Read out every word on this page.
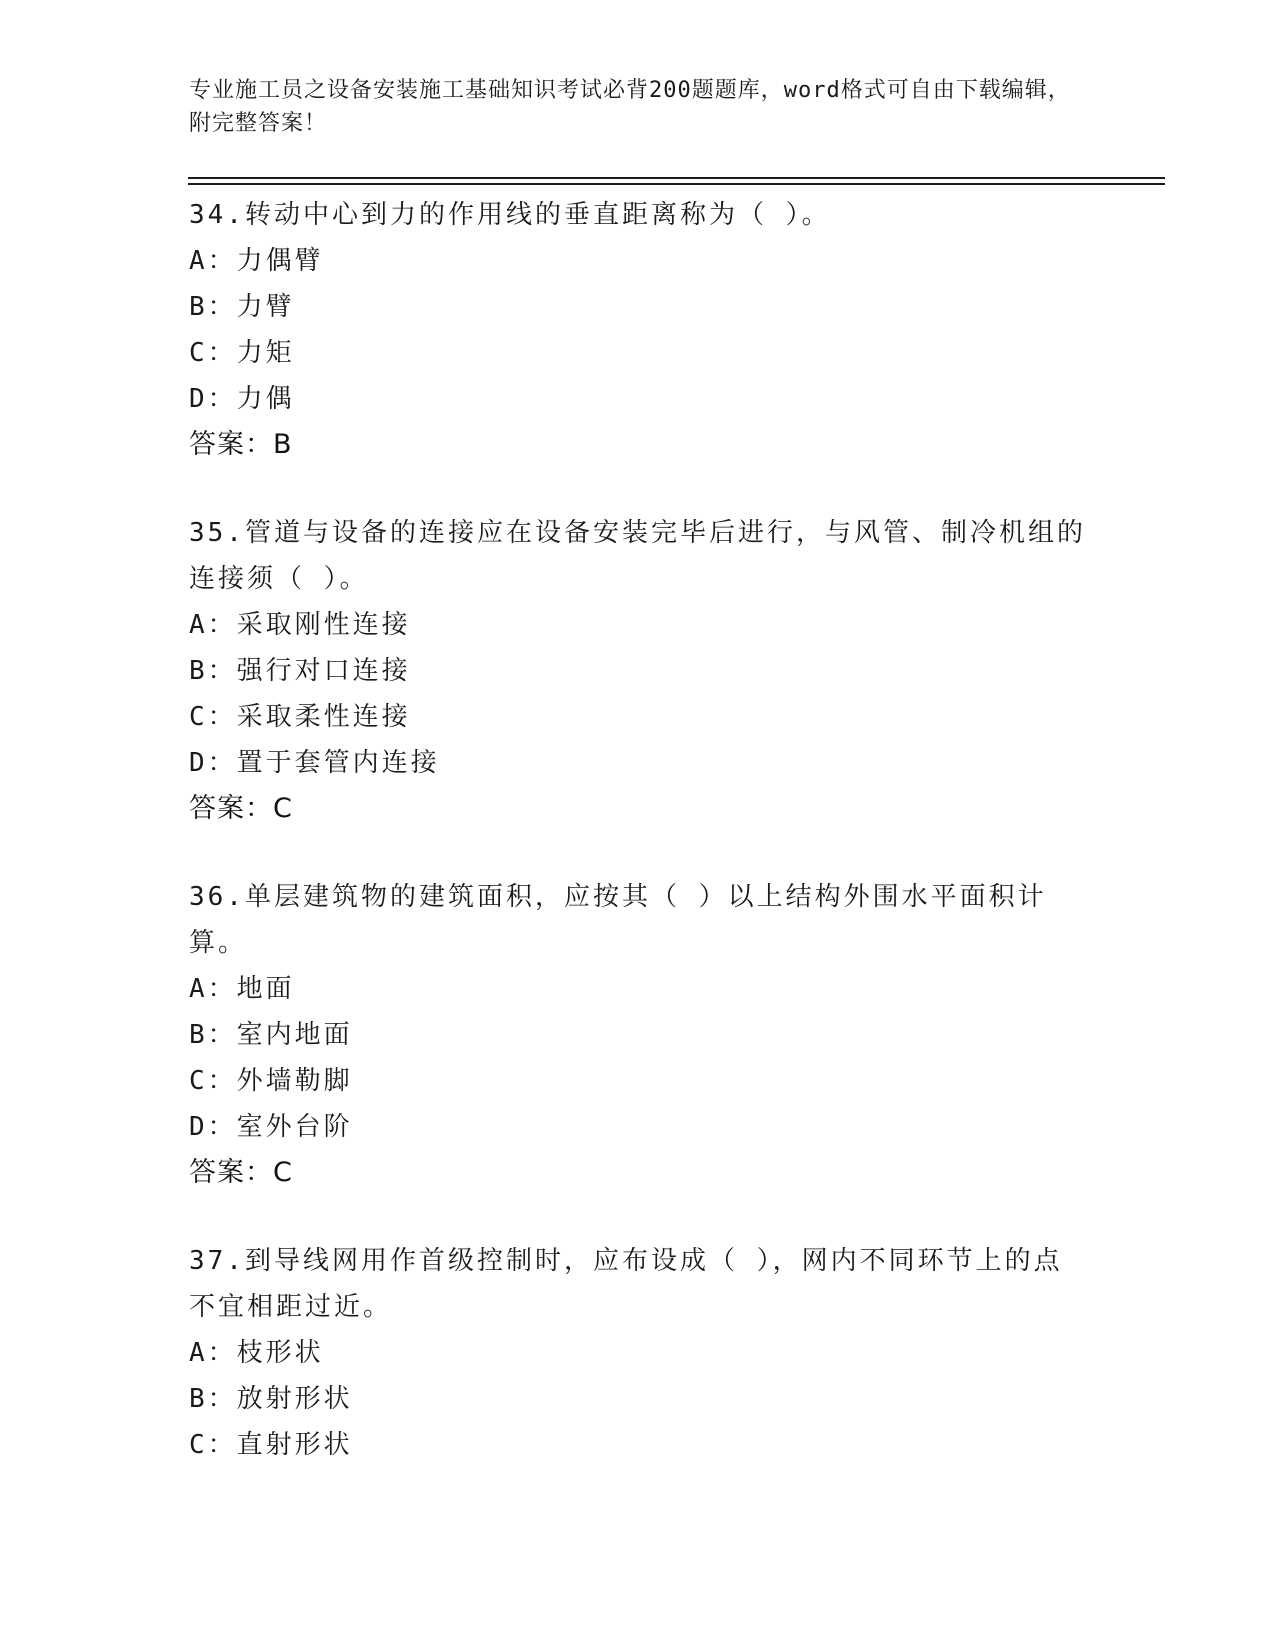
专业施工员之设备安装施工基础知识考试必背200题题库，word格式可自由下载编辑，附完整答案！
34.转动中心到力的作用线的垂直距离称为（ ）。
A：力偶臂
B：力臂
C：力矩
D：力偶
答案：B
35.管道与设备的连接应在设备安装完毕后进行，与风管、制冷机组的连接须（ ）。
A：采取刚性连接
B：强行对口连接
C：采取柔性连接
D：置于套管内连接
答案：C
36.单层建筑物的建筑面积，应按其（ ）以上结构外围水平面积计算。
A：地面
B：室内地面
C：外墙勒脚
D：室外台阶
答案：C
37.到导线网用作首级控制时，应布设成（ ），网内不同环节上的点不宜相距过近。
A：枝形状
B：放射形状
C：直射形状
